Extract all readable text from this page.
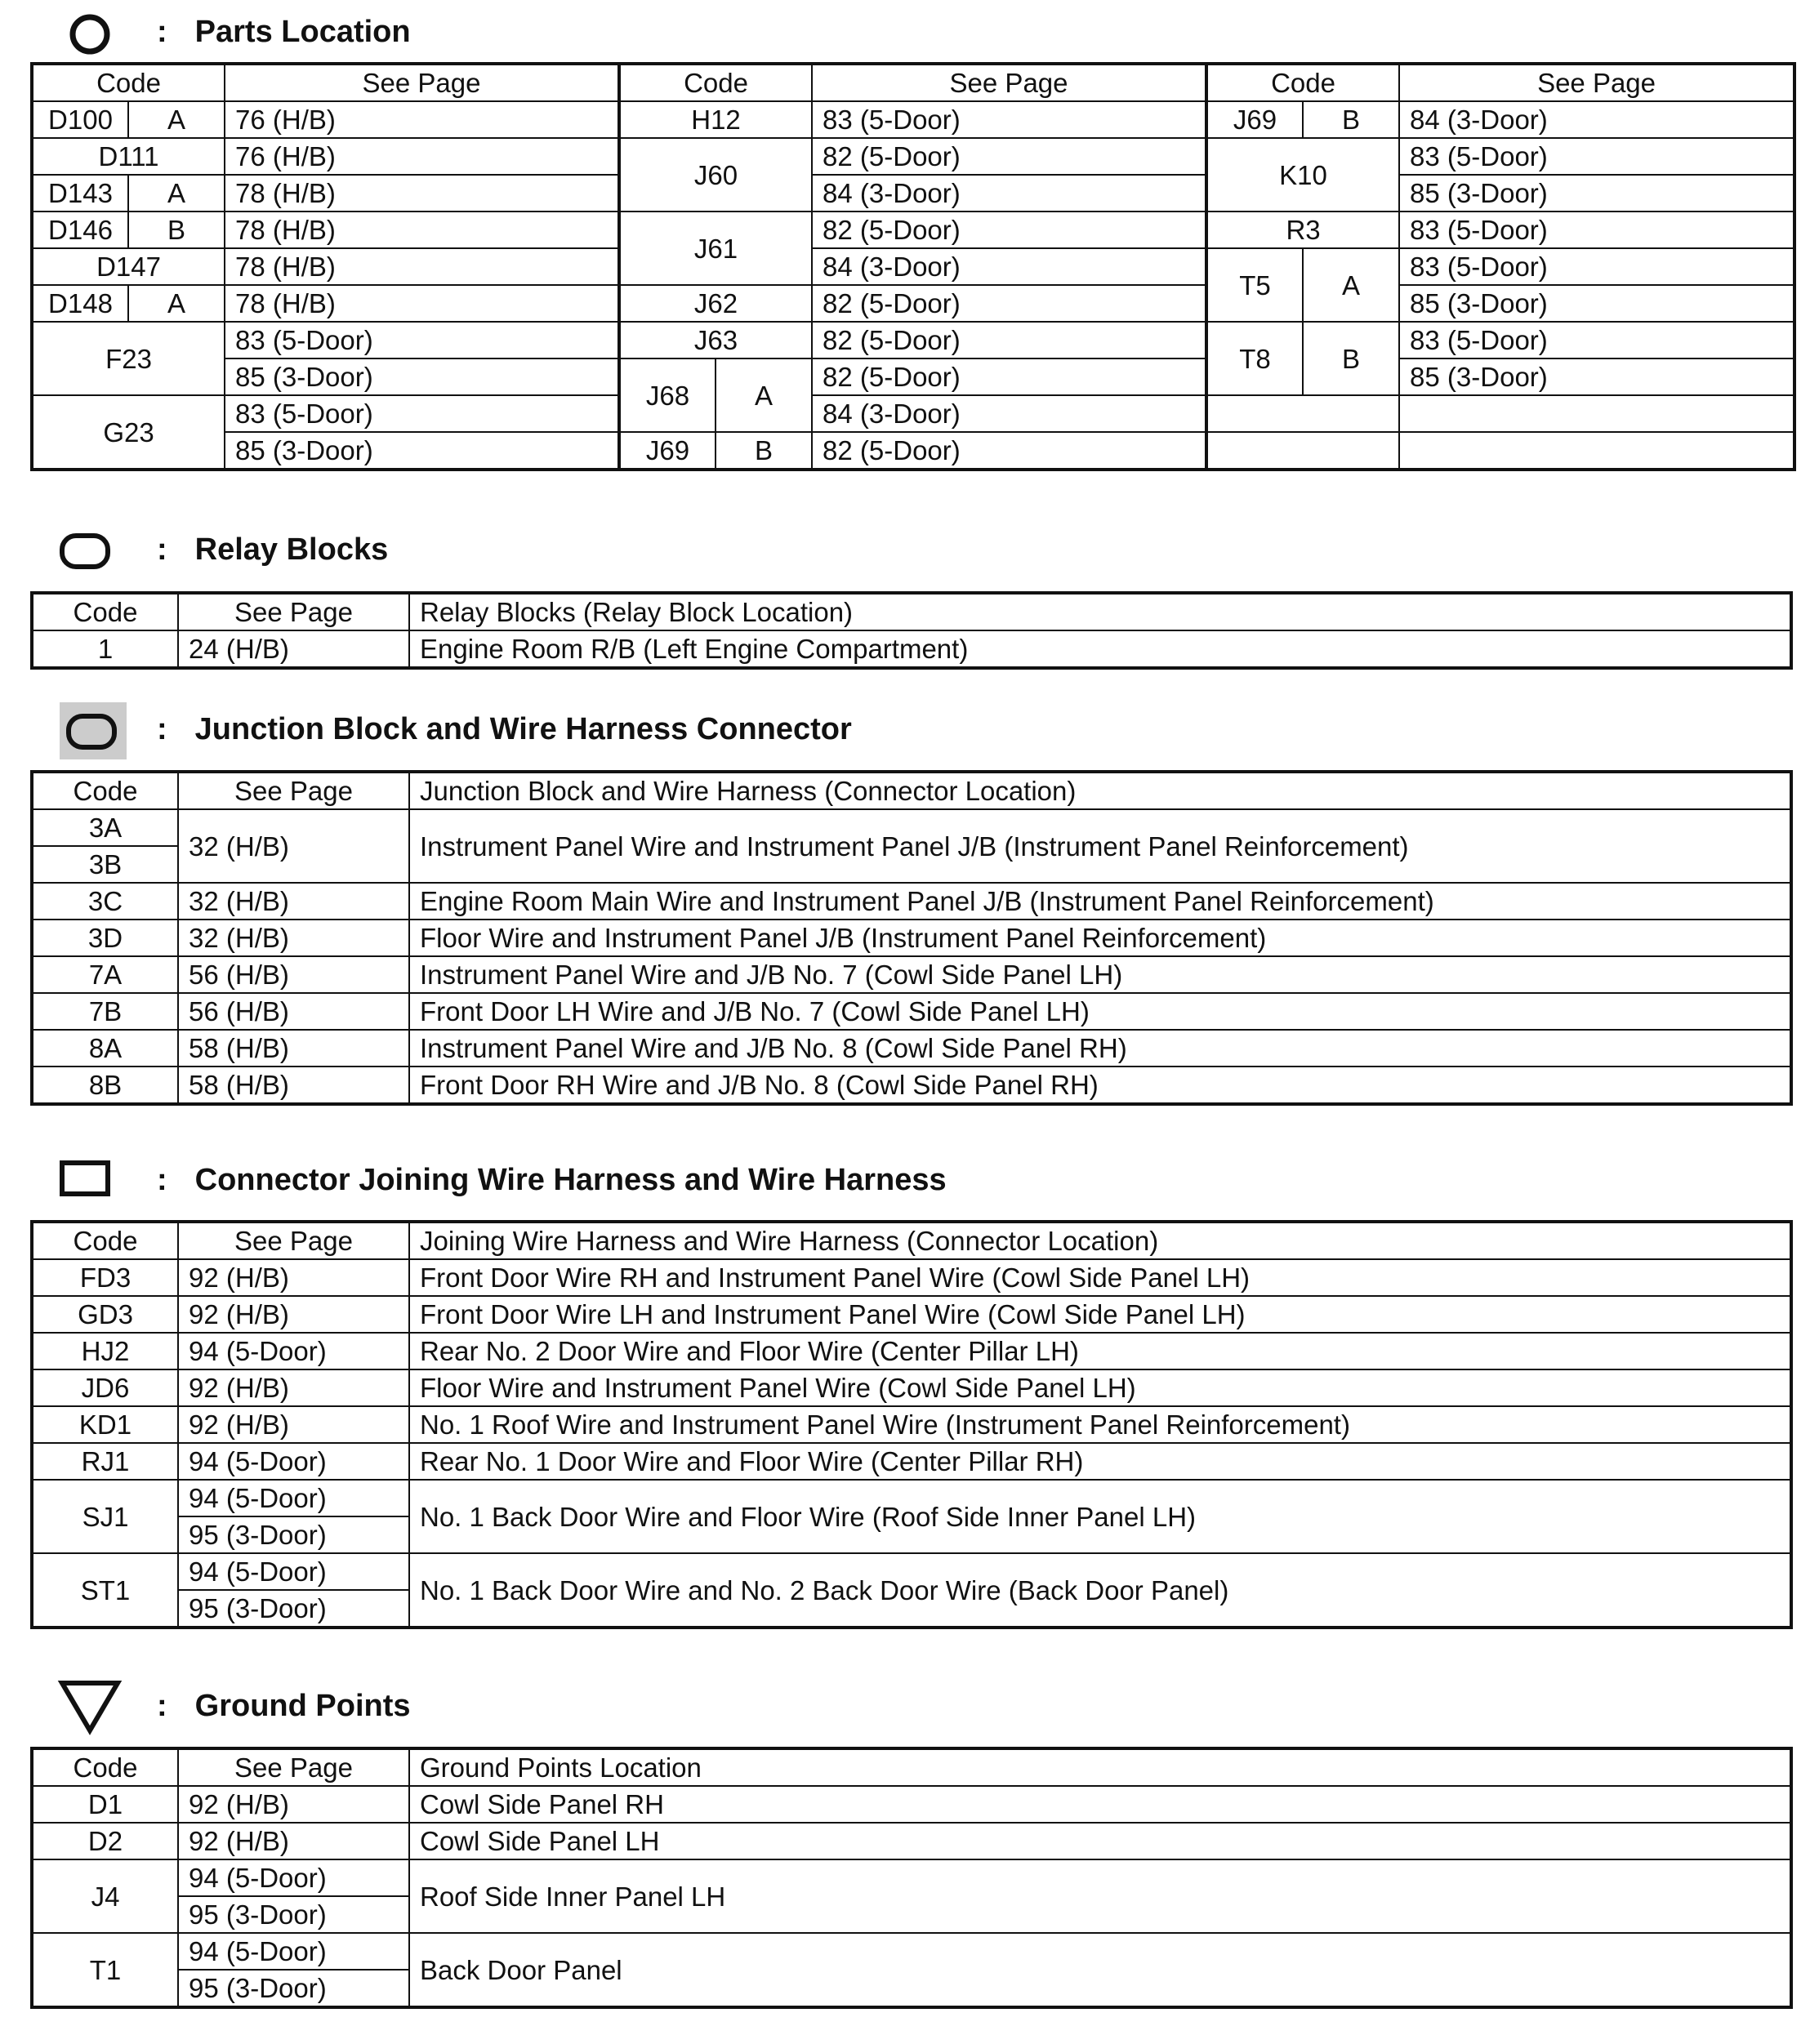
: Parts Location
Code		See Page	Code		See Page	Code		See Page
D100	A	76 (H/B)	H12		83 (5-Door)	J69	B	84 (3-Door)
D111		76 (H/B)	J60		82 (5-Door)	K10		83 (5-Door)
D143	A	78 (H/B)			84 (3-Door)			85 (3-Door)
D146	B	78 (H/B)	J61		82 (5-Door)	R3		83 (5-Door)
D147		78 (H/B)			84 (3-Door)	T5	A	83 (5-Door)
D148	A	78 (H/B)	J62		82 (5-Door)			85 (3-Door)
F23		83 (5-Door)	J63		82 (5-Door)	T8	B	83 (5-Door)
		85 (3-Door)	J68	A	82 (5-Door)			85 (3-Door)
G23		83 (5-Door)			84 (3-Door)			
		85 (3-Door)	J69	B	82 (5-Door)			
: Relay Blocks
Code	See Page	Relay Blocks (Relay Block Location)
1	24 (H/B)	Engine Room R/B (Left Engine Compartment)
: Junction Block and Wire Harness Connector
Code	See Page	Junction Block and Wire Harness (Connector Location)
3A	32 (H/B)	Instrument Panel Wire and Instrument Panel J/B (Instrument Panel Reinforcement)
3B		
3C	32 (H/B)	Engine Room Main Wire and Instrument Panel J/B (Instrument Panel Reinforcement)
3D	32 (H/B)	Floor Wire and Instrument Panel J/B (Instrument Panel Reinforcement)
7A	56 (H/B)	Instrument Panel Wire and J/B No. 7 (Cowl Side Panel LH)
7B	56 (H/B)	Front Door LH Wire and J/B No. 7 (Cowl Side Panel LH)
8A	58 (H/B)	Instrument Panel Wire and J/B No. 8 (Cowl Side Panel RH)
8B	58 (H/B)	Front Door RH Wire and J/B No. 8 (Cowl Side Panel RH)
: Connector Joining Wire Harness and Wire Harness
Code	See Page	Joining Wire Harness and Wire Harness (Connector Location)
FD3	92 (H/B)	Front Door Wire RH and Instrument Panel Wire (Cowl Side Panel LH)
GD3	92 (H/B)	Front Door Wire LH and Instrument Panel Wire (Cowl Side Panel LH)
HJ2	94 (5-Door)	Rear No. 2 Door Wire and Floor Wire (Center Pillar LH)
JD6	92 (H/B)	Floor Wire and Instrument Panel Wire (Cowl Side Panel LH)
KD1	92 (H/B)	No. 1 Roof Wire and Instrument Panel Wire (Instrument Panel Reinforcement)
RJ1	94 (5-Door)	Rear No. 1 Door Wire and Floor Wire (Center Pillar RH)
SJ1	94 (5-Door)	No. 1 Back Door Wire and Floor Wire (Roof Side Inner Panel LH)
	95 (3-Door)	
ST1	94 (5-Door)	No. 1 Back Door Wire and No. 2 Back Door Wire (Back Door Panel)
	95 (3-Door)	
: Ground Points
Code	See Page	Ground Points Location
D1	92 (H/B)	Cowl Side Panel RH
D2	92 (H/B)	Cowl Side Panel LH
J4	94 (5-Door)	Roof Side Inner Panel LH
	95 (3-Door)	
T1	94 (5-Door)	Back Door Panel
	95 (3-Door)	
